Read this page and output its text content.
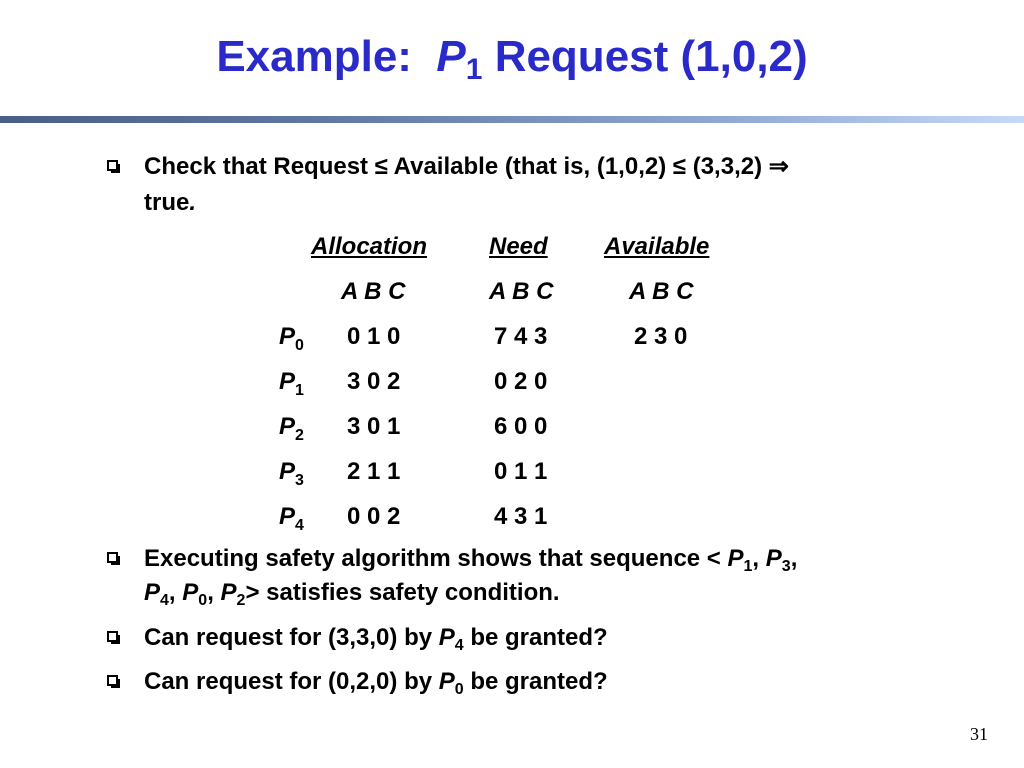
Example: $P_1$ Request (1,0,2)
Check that Request ≤ Available (that is, (1,0,2) ≤ (3,3,2) ⇒
true.
Allocation	Need Available
A B C	A B C	A B C
$P_0$ 0 1 0	7 4 3	2 3 0
$P_1$ 3 0 2	0 2 0
$P_2$ 3 0 1	6 0 0
$P_3$ 2 1 1	0 1 1
$P_4$ 0 0 2	4 3 1
Executing safety algorithm shows that sequence < $P_1$, $P_3$,
$P_4$, $P_0$, $P_2>$ satisfies safety condition.
Can request for (3,3,0) by $P_4$ be granted?
Can request for (0,2,0) by $P_0$ be granted?
31
